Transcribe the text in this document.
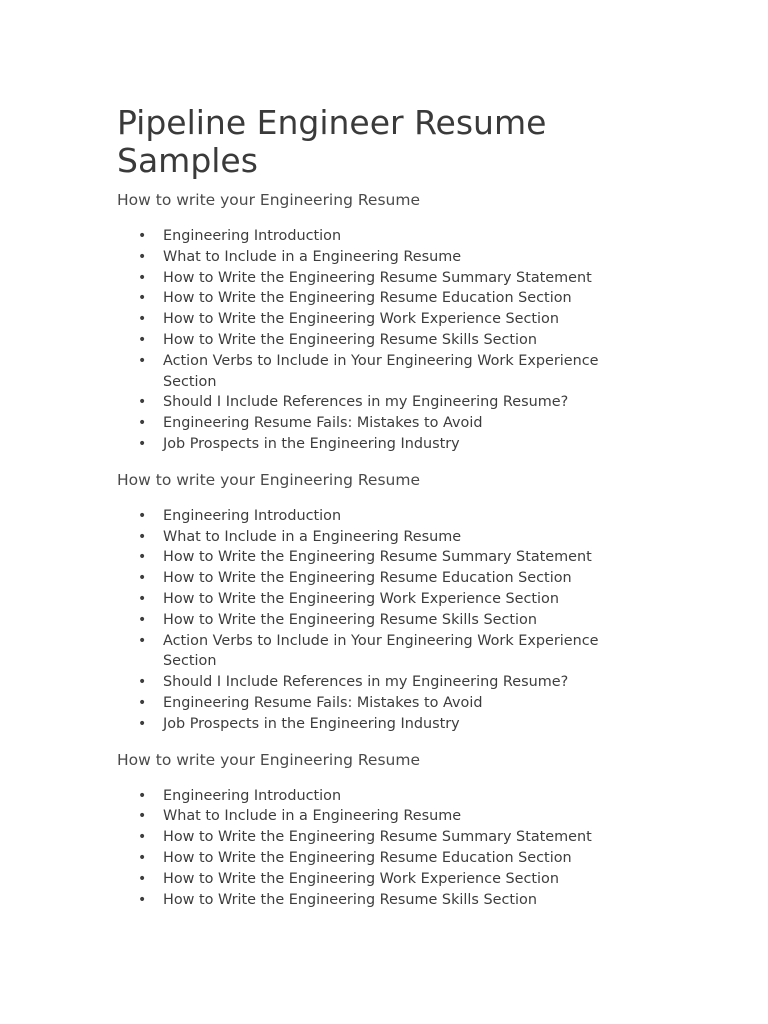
Pipeline Engineer Resume Samples
How to write your Engineering Resume
• Engineering Introduction
• What to Include in a Engineering Resume
• How to Write the Engineering Resume Summary Statement
• How to Write the Engineering Resume Education Section
• How to Write the Engineering Work Experience Section
• How to Write the Engineering Resume Skills Section
• Action Verbs to Include in Your Engineering Work Experience Section
• Should I Include References in my Engineering Resume?
• Engineering Resume Fails: Mistakes to Avoid
• Job Prospects in the Engineering Industry
How to write your Engineering Resume
• Engineering Introduction
• What to Include in a Engineering Resume
• How to Write the Engineering Resume Summary Statement
• How to Write the Engineering Resume Education Section
• How to Write the Engineering Work Experience Section
• How to Write the Engineering Resume Skills Section
• Action Verbs to Include in Your Engineering Work Experience Section
• Should I Include References in my Engineering Resume?
• Engineering Resume Fails: Mistakes to Avoid
• Job Prospects in the Engineering Industry
How to write your Engineering Resume
• Engineering Introduction
• What to Include in a Engineering Resume
• How to Write the Engineering Resume Summary Statement
• How to Write the Engineering Resume Education Section
• How to Write the Engineering Work Experience Section
• How to Write the Engineering Resume Skills Section
